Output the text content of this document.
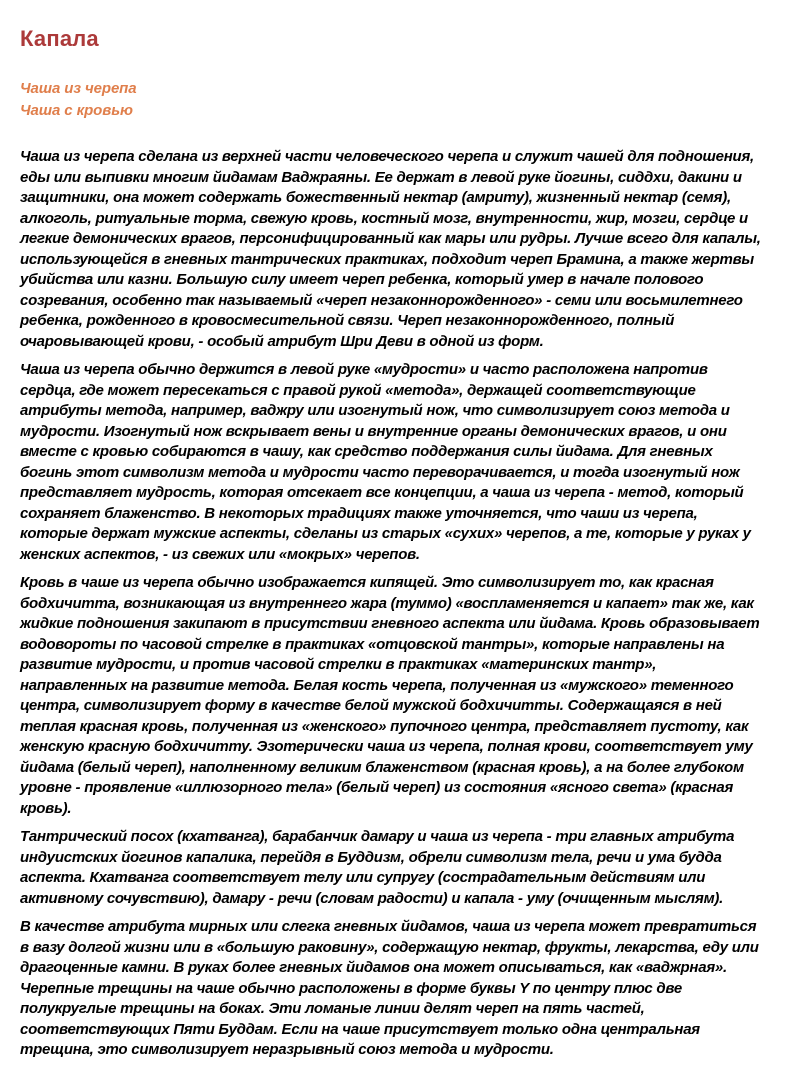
Капала
Чаша из черепа
Чаша с кровью

Чаша из черепа сделана из верхней части человеческого черепа и служит чашей для подношения, еды или выпивки многим йидамам Ваджраяны. Ее держат в левой руке йогины, сиддхи, дакини и защитники, она может содержать божественный нектар (амриту), жизненный нектар (семя), алкоголь, ритуальные торма, свежую кровь, костный мозг, внутренности, жир, мозги, сердце и легкие демонических врагов, персонифицированный как мары или рудры. Лучше всего для капалы, использующейся в гневных тантрических практиках, подходит череп Брамина, а также жертвы убийства или казни. Большую силу имеет череп ребенка, который умер в начале полового созревания, особенно так называемый «череп незаконнорожденного» - семи или восьмилетнего ребенка, рожденного в кровосмесительной связи. Череп незаконнорожденного, полный очаровывающей крови, - особый атрибут Шри Деви в одной из форм.

Чаша из черепа обычно держится в левой руке «мудрости» и часто расположена напротив сердца, где может пересекаться с правой рукой «метода», держащей соответствующие атрибуты метода, например, ваджру или изогнутый нож, что символизирует союз метода и мудрости. Изогнутый нож вскрывает вены и внутренние органы демонических врагов, и они вместе с кровью собираются в чашу, как средство поддержания силы йидама. Для гневных богинь этот символизм метода и мудрости часто переворачивается, и тогда изогнутый нож представляет мудрость, которая отсекает все концепции, а чаша из черепа - метод, который сохраняет блаженство. В некоторых традициях также уточняется, что чаши из черепа, которые держат мужские аспекты, сделаны из старых «сухих» черепов, а те, которые у руках у женских аспектов, - из свежих или «мокрых» черепов.

Кровь в чаше из черепа обычно изображается кипящей. Это символизирует то, как красная бодхичитта, возникающая из внутреннего жара (туммо) «воспламеняется и капает» так же, как жидкие подношения закипают в присутствии гневного аспекта или йидама. Кровь образовывает водовороты по часовой стрелке в практиках «отцовской тантры», которые направлены на развитие мудрости, и против часовой стрелки в практиках «материнских тантр», направленных на развитие метода. Белая кость черепа, полученная из «мужского» теменного центра, символизирует форму в качестве белой мужской бодхичитты. Содержащаяся в ней теплая красная кровь, полученная из «женского» пупочного центра, представляет пустоту, как женскую красную бодхичитту. Эзотерически чаша из черепа, полная крови, соответствует уму йидама (белый череп), наполненному великим блаженством (красная кровь), а на более глубоком уровне - проявление «иллюзорного тела» (белый череп) из состояния «ясного света» (красная кровь).

Тантрический посох (кхатванга), барабанчик дамару и чаша из черепа - три главных атрибута индуистских йогинов капалика, перейдя в Буддизм, обрели символизм тела, речи и ума будда аспекта. Кхатванга соответствует телу или супругу (сострадательным действиям или активному сочувствию), дамару - речи (словам радости) и капала - уму (очищенным мыслям).

В качестве атрибута мирных или слегка гневных йидамов, чаша из черепа может превратиться в вазу долгой жизни или в «большую раковину», содержащую нектар, фрукты, лекарства, еду или драгоценные камни. В руках более гневных йидамов она может описываться, как «ваджрная». Черепные трещины на чаше обычно расположены в форме буквы Y по центру плюс две полукруглые трещины на боках. Эти ломаные линии делят череп на пять частей, соответствующих Пяти Буддам. Если на чаше присутствует только одна центральная трещина, это символизирует неразрывный союз метода и мудрости.
